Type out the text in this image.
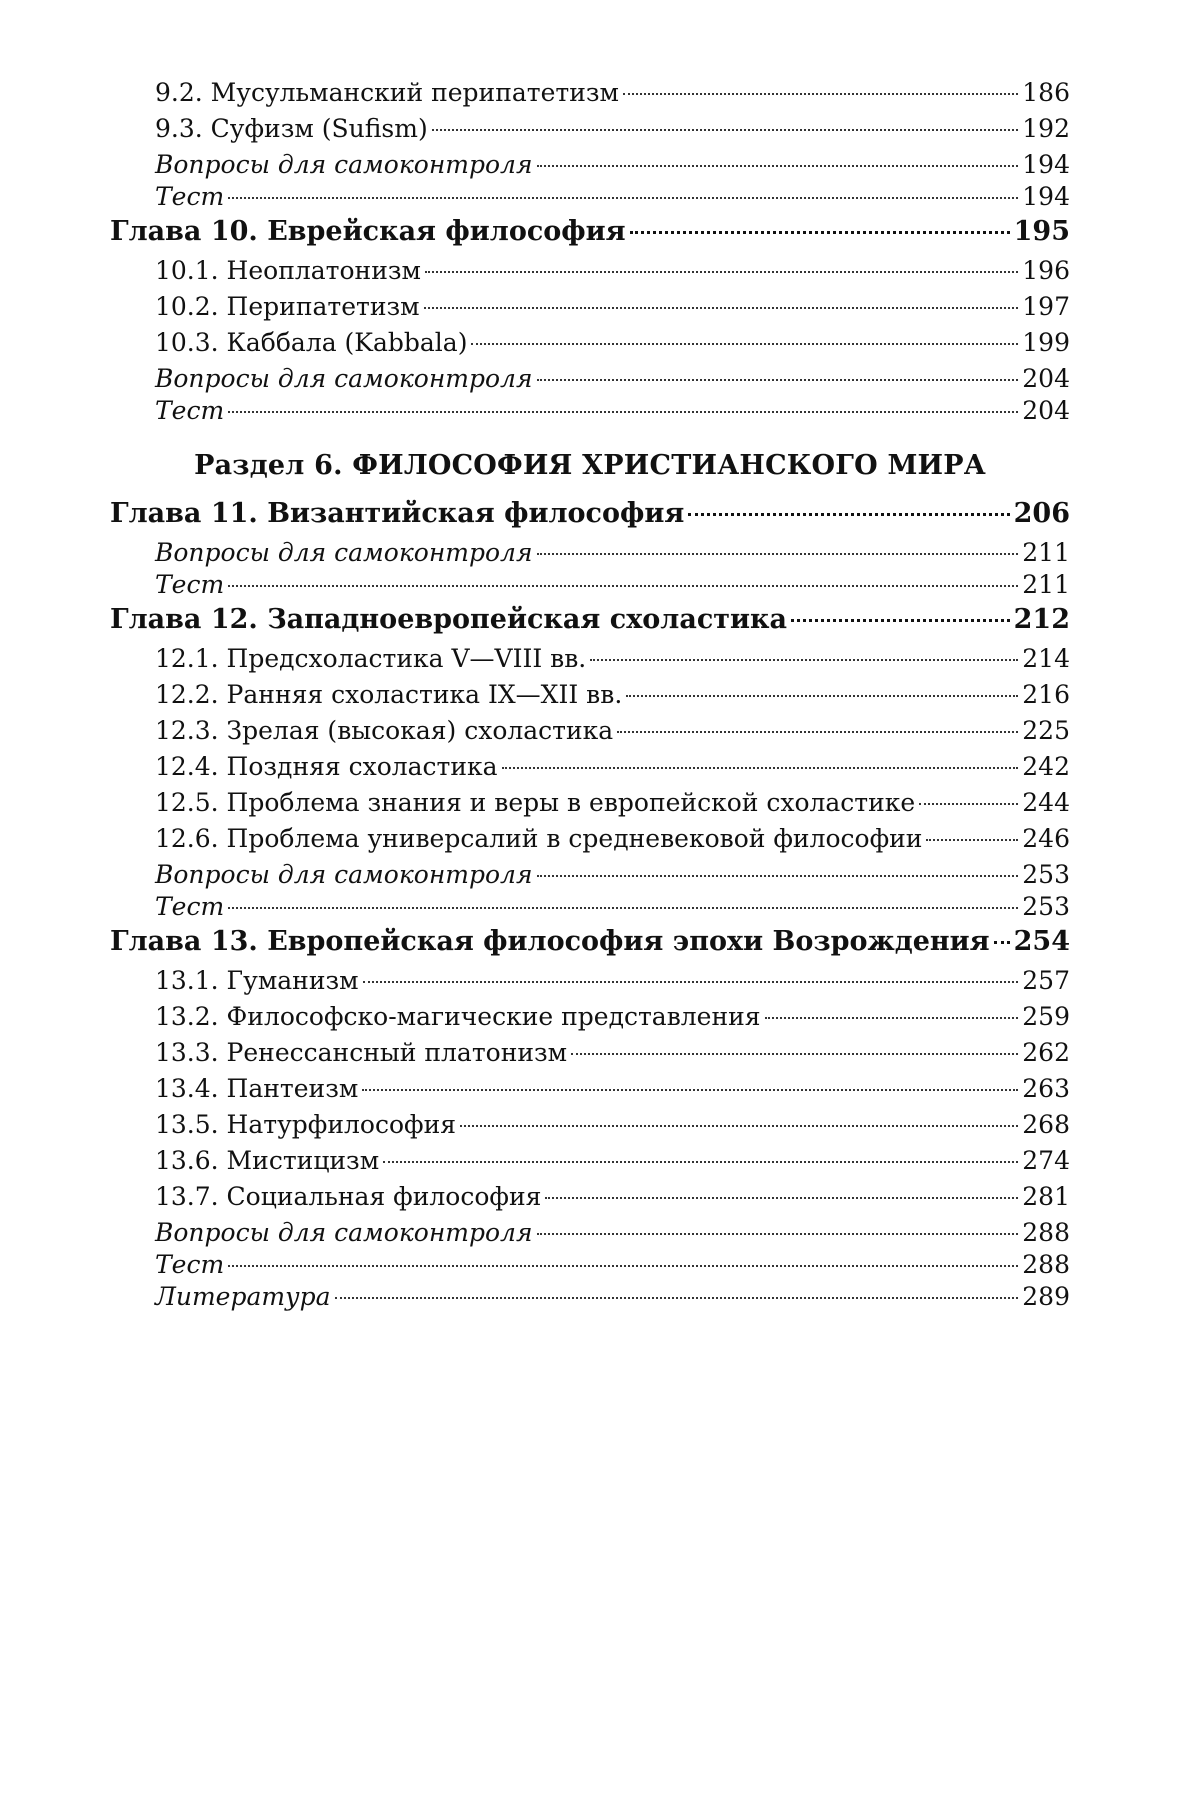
9.2. Мусульманский перипатетизм	186
9.3. Суфизм (Sufism)	192
Вопросы для самоконтроля	194
Тест	194
Глава 10. Еврейская философия	195
10.1. Неоплатонизм	196
10.2. Перипатетизм	197
10.3. Каббала (Kabbala)	199
Вопросы для самоконтроля	204
Тест	204
Раздел 6. ФИЛОСОФИЯ ХРИСТИАНСКОГО МИРА
Глава 11. Византийская философия	206
Вопросы для самоконтроля	211
Тест	211
Глава 12. Западноевропейская схоластика	212
12.1. Предсхоластика V—VIII вв.	214
12.2. Ранняя схоластика IX—XII вв.	216
12.3. Зрелая (высокая) схоластика	225
12.4. Поздняя схоластика	242
12.5. Проблема знания и веры в европейской схоластике	244
12.6. Проблема универсалий в средневековой философии	246
Вопросы для самоконтроля	253
Тест	253
Глава 13. Европейская философия эпохи Возрождения 254
13.1. Гуманизм	257
13.2. Философско-магические представления	259
13.3. Ренессансный платонизм	262
13.4. Пантеизм	263
13.5. Натурфилософия	268
13.6. Мистицизм	274
13.7. Социальная философия	281
Вопросы для самоконтроля	288
Тест	288
Литература	289
